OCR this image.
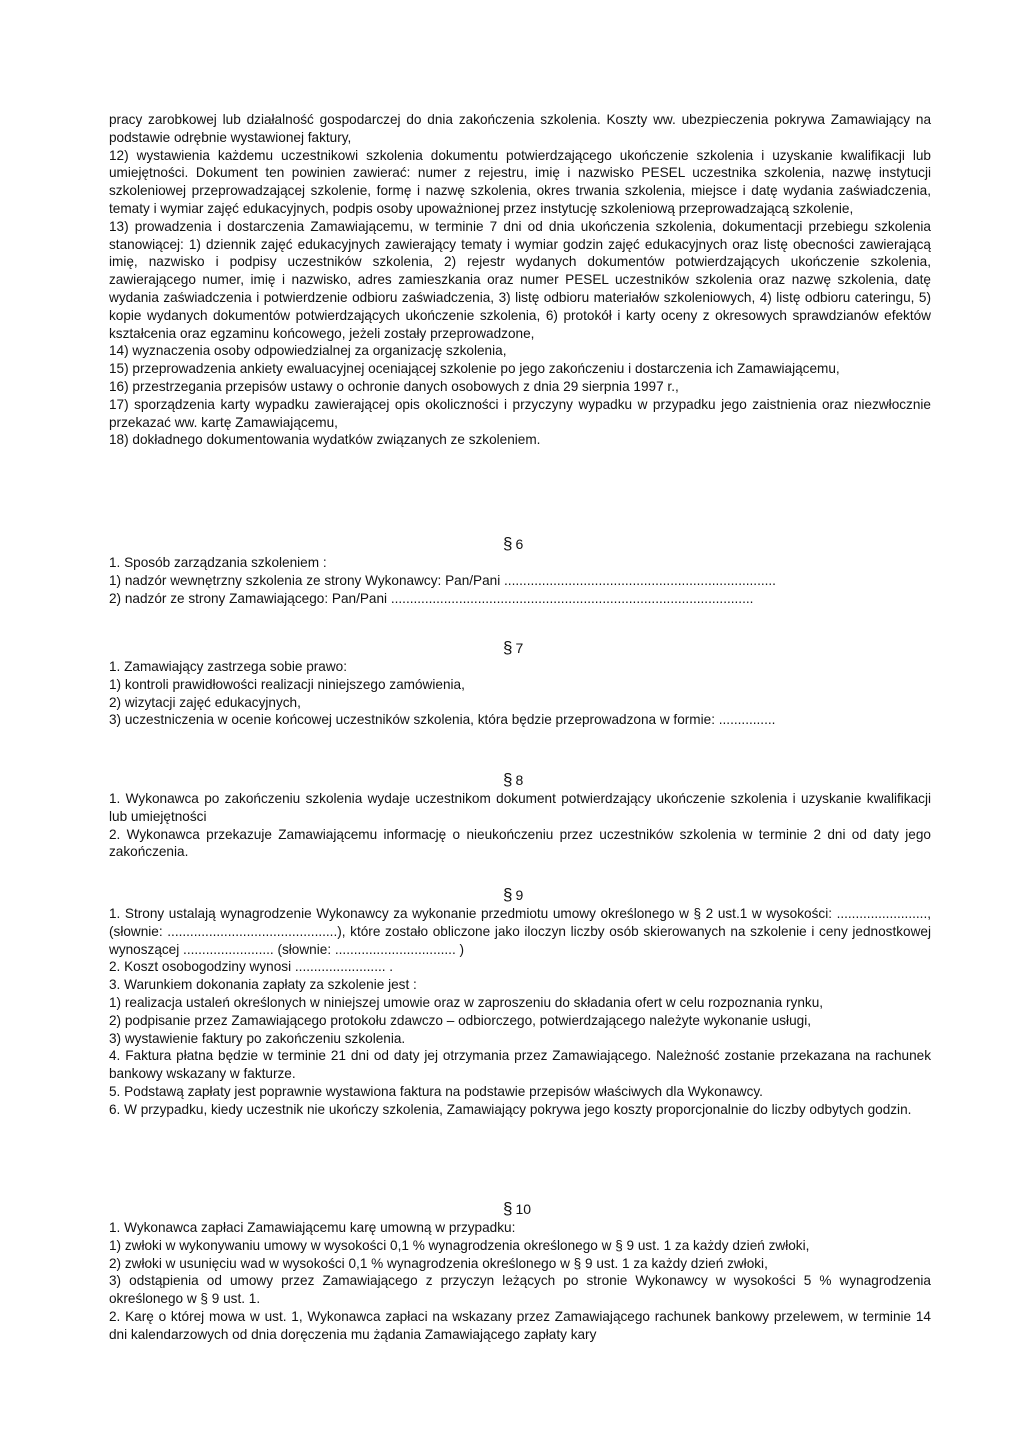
pracy zarobkowej lub działalność gospodarczej do dnia zakończenia szkolenia. Koszty ww. ubezpieczenia pokrywa Zamawiający na podstawie odrębnie wystawionej faktury,

12) wystawienia każdemu uczestnikowi szkolenia dokumentu potwierdzającego ukończenie szkolenia i uzyskanie kwalifikacji lub umiejętności. Dokument ten powinien zawierać: numer z rejestru, imię i nazwisko PESEL uczestnika szkolenia, nazwę instytucji szkoleniowej przeprowadzającej szkolenie, formę i nazwę szkolenia, okres trwania szkolenia, miejsce i datę wydania zaświadczenia, tematy i wymiar zajęć edukacyjnych, podpis osoby upoważnionej przez instytucję szkoleniową przeprowadzającą szkolenie,

13) prowadzenia i dostarczenia Zamawiającemu, w terminie 7 dni od dnia ukończenia szkolenia, dokumentacji przebiegu szkolenia stanowiącej: 1) dziennik zajęć edukacyjnych zawierający tematy i wymiar godzin zajęć edukacyjnych oraz listę obecności zawierającą imię, nazwisko i podpisy uczestników szkolenia, 2) rejestr wydanych dokumentów potwierdzających ukończenie szkolenia, zawierającego numer, imię i nazwisko, adres zamieszkania oraz numer PESEL uczestników szkolenia oraz nazwę szkolenia, datę wydania zaświadczenia i potwierdzenie odbioru zaświadczenia, 3) listę odbioru materiałów szkoleniowych, 4) listę odbioru cateringu, 5) kopie wydanych dokumentów potwierdzających ukończenie szkolenia, 6) protokół i karty oceny z okresowych sprawdzianów efektów kształcenia oraz egzaminu końcowego, jeżeli zostały przeprowadzone,

14) wyznaczenia osoby odpowiedzialnej za organizację szkolenia,

15) przeprowadzenia ankiety ewaluacyjnej oceniającej szkolenie po jego zakończeniu i dostarczenia ich Zamawiającemu,

16) przestrzegania przepisów ustawy o ochronie danych osobowych z dnia 29 sierpnia 1997 r.,

17) sporządzenia karty wypadku zawierającej opis okoliczności i przyczyny wypadku w przypadku jego zaistnienia oraz niezwłocznie przekazać ww. kartę Zamawiającemu,

18) dokładnego dokumentowania wydatków związanych ze szkoleniem.

§ 6

1. Sposób zarządzania szkoleniem :

1) nadzór wewnętrzny szkolenia ze strony Wykonawcy: Pan/Pani ........................................................................

2) nadzór ze strony Zamawiającego: Pan/Pani ................................................................................................

§ 7

1. Zamawiający zastrzega sobie prawo:

1) kontroli prawidłowości realizacji niniejszego zamówienia,

2) wizytacji zajęć edukacyjnych,

3) uczestniczenia w ocenie końcowej uczestników szkolenia, która będzie przeprowadzona w formie: ...............

§ 8

1. Wykonawca po zakończeniu szkolenia wydaje uczestnikom dokument potwierdzający ukończenie szkolenia i uzyskanie kwalifikacji lub umiejętności

2. Wykonawca przekazuje Zamawiającemu informację o nieukończeniu przez uczestników szkolenia w terminie 2 dni od daty jego zakończenia.

§ 9

1. Strony ustalają wynagrodzenie Wykonawcy za wykonanie przedmiotu umowy określonego w § 2 ust.1 w wysokości: ........................, (słownie: .............................................), które zostało obliczone jako iloczyn liczby osób skierowanych na szkolenie i ceny jednostkowej wynoszącej ........................ (słownie: ................................ )

2. Koszt osobogodziny wynosi ........................ .

3. Warunkiem dokonania zapłaty za szkolenie jest :

1) realizacja ustaleń określonych w niniejszej umowie oraz w zaproszeniu do składania ofert w celu rozpoznania rynku,

2) podpisanie przez Zamawiającego protokołu zdawczo – odbiorczego, potwierdzającego należyte wykonanie usługi,

3) wystawienie faktury po zakończeniu szkolenia.

4. Faktura płatna będzie w terminie 21 dni od daty jej otrzymania przez Zamawiającego. Należność zostanie przekazana na rachunek bankowy wskazany w fakturze.

5. Podstawą zapłaty jest poprawnie wystawiona faktura na podstawie przepisów właściwych dla Wykonawcy.

6. W przypadku, kiedy uczestnik nie ukończy szkolenia, Zamawiający pokrywa jego koszty proporcjonalnie do liczby odbytych godzin.

§ 10

1. Wykonawca zapłaci Zamawiającemu karę umowną w przypadku:

1) zwłoki w wykonywaniu umowy w wysokości 0,1 % wynagrodzenia określonego w § 9 ust. 1 za każdy dzień zwłoki,

2) zwłoki w usunięciu wad w wysokości 0,1 % wynagrodzenia określonego w § 9 ust. 1 za każdy dzień zwłoki,

3) odstąpienia od umowy przez Zamawiającego z przyczyn leżących po stronie Wykonawcy w wysokości 5 % wynagrodzenia określonego w § 9 ust. 1.

2. Karę o której mowa w ust. 1, Wykonawca zapłaci na wskazany przez Zamawiającego rachunek bankowy przelewem, w terminie 14 dni kalendarzowych od dnia doręczenia mu żądania Zamawiającego zapłaty kary
